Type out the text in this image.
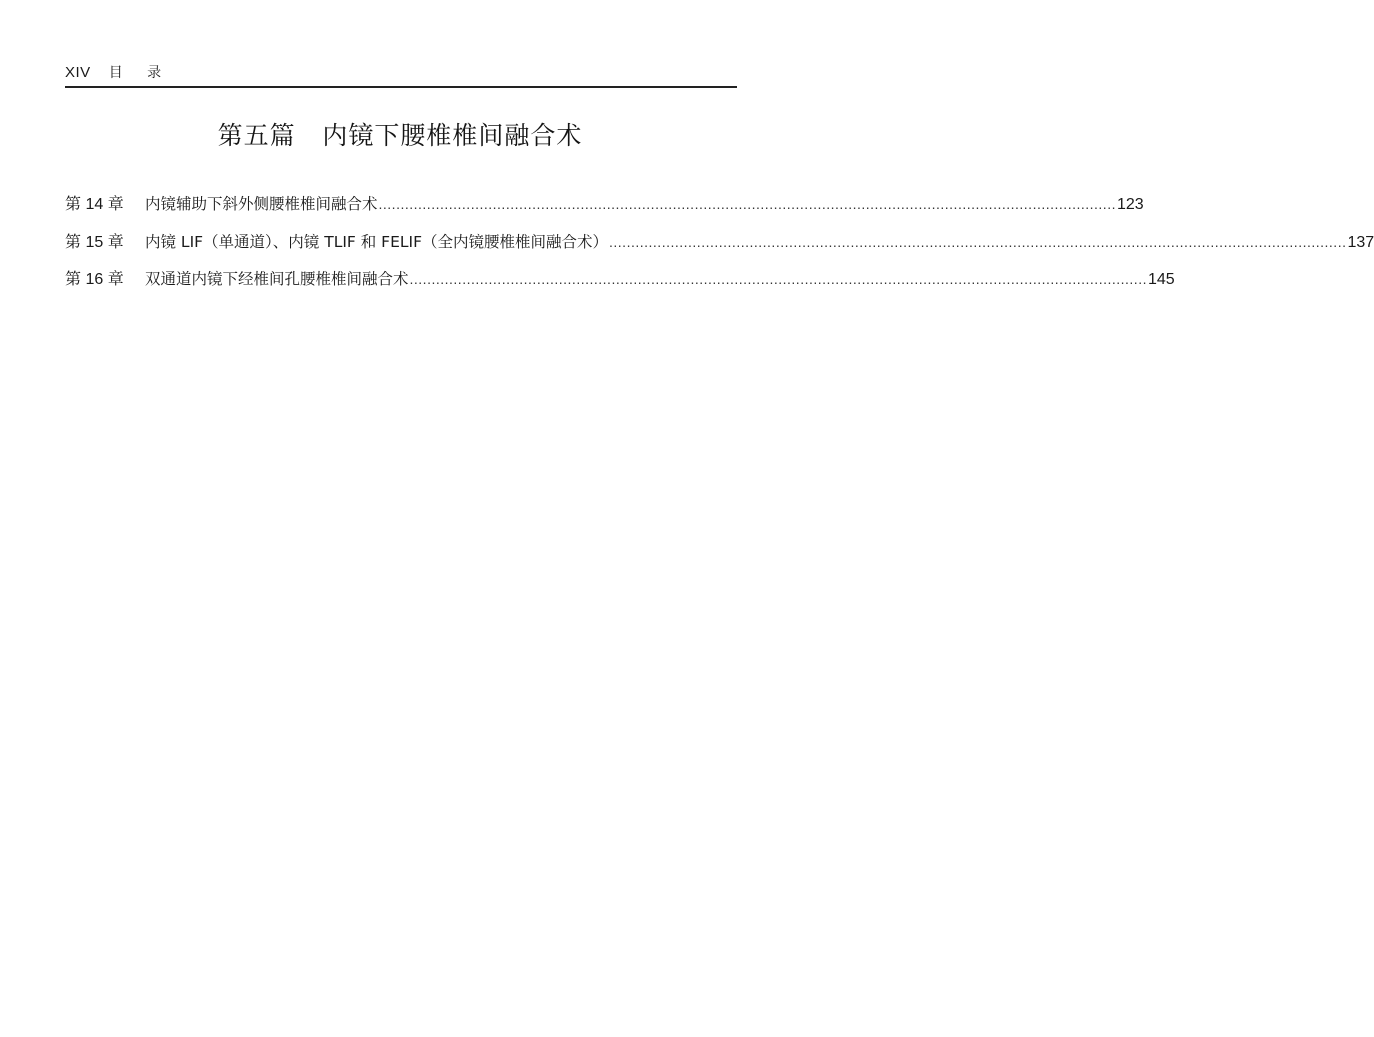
XIV 目 录
第五篇   内镜下腰椎椎间融合术
第 14 章	内镜辅助下斜外侧腰椎椎间融合术 .....	123
第 15 章	内镜 LIF（单通道）、内镜 TLIF 和 FELIF（全内镜腰椎椎间融合术） .....	137
第 16 章	双通道内镜下经椎间孔腰椎椎间融合术 .....	145
